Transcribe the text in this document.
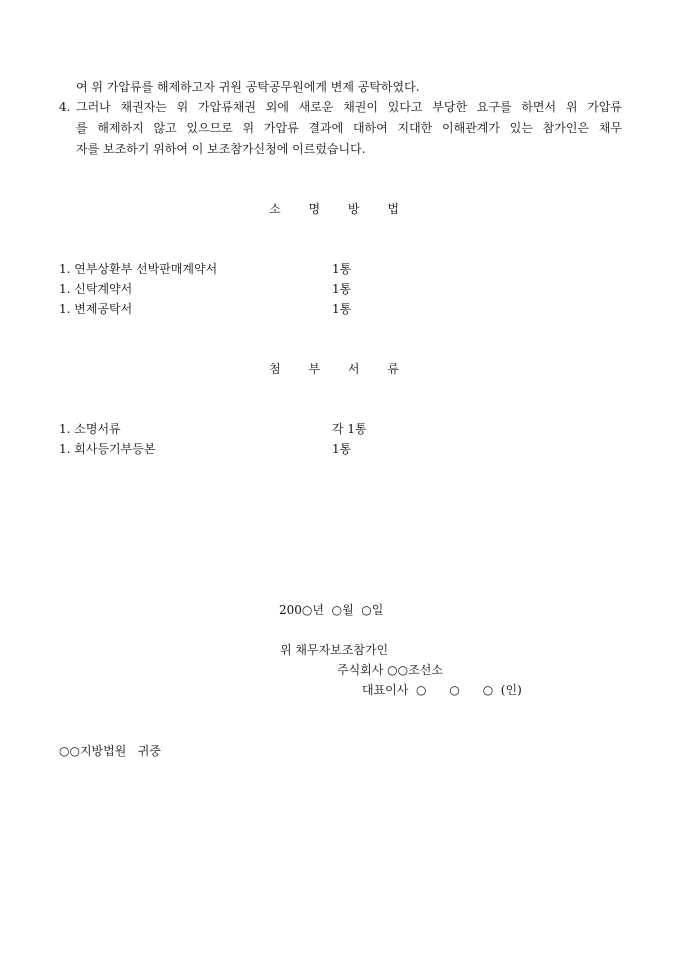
여 위 가압류를 해제하고자 귀원 공탁공무원에게 변제 공탁하였다.
4. 그러나 채권자는 위 가압류채권 외에 새로운 채권이 있다고 부당한 요구를 하면서 위 가압류
를 해제하지 않고 있으므로 위 가압류 결과에 대하여 지대한 이해관계가 있는 참가인은 채무
자를 보조하기 위하여 이 보조참가신청에 이르렀습니다.
소 명 방 법
1. 연부상환부 선박판매계약서	1통
1. 신탁계약서	1통
1. 변제공탁서	1통
첨 부 서 류
1. 소명서류	각 1통
1. 회사등기부등본	1통
200○년  ○월  ○일
위 채무자보조참가인
주식회사 ○○조선소
대표이사  ○      ○      ○  (인)
○○지방법원   귀중
